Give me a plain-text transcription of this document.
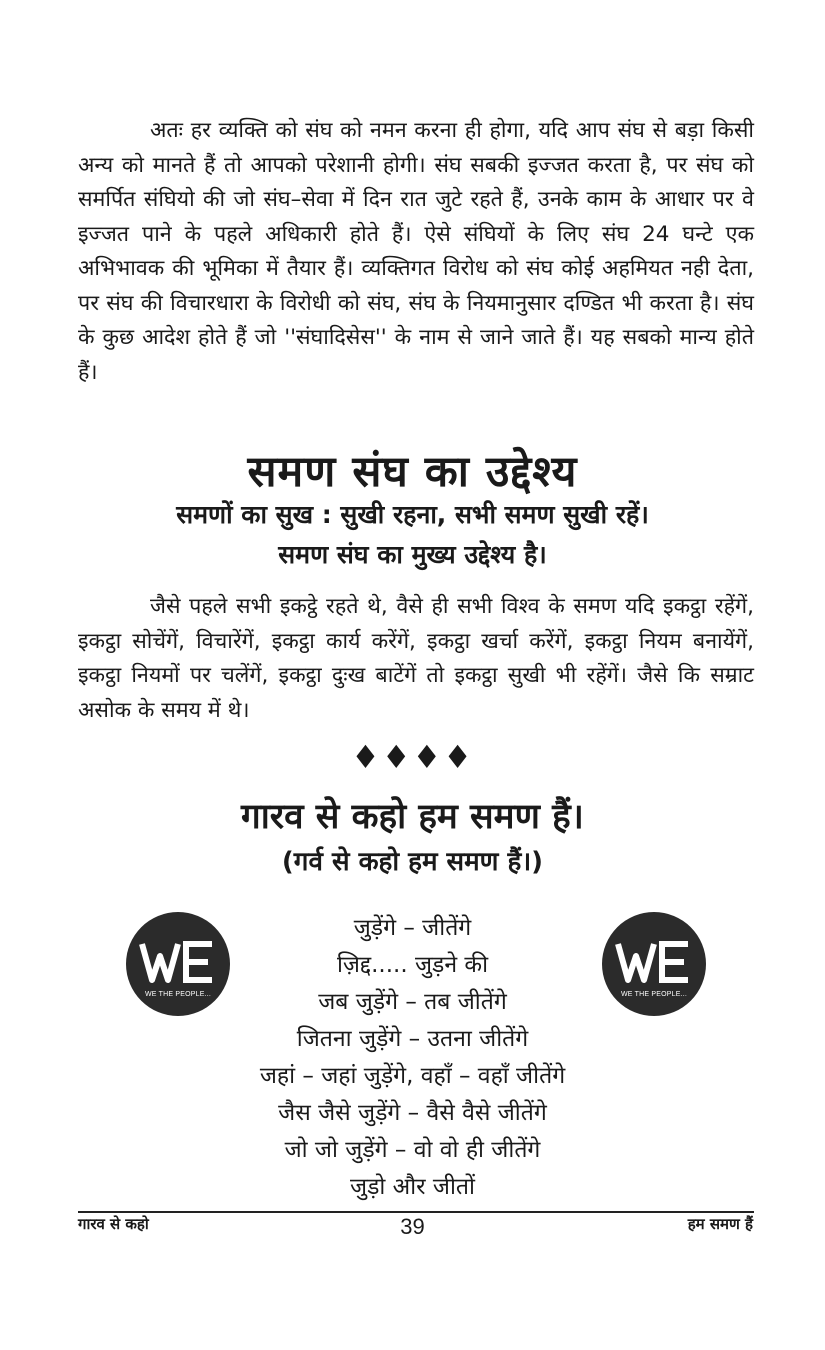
अतः हर व्यक्ति को संघ को नमन करना ही होगा, यदि आप संघ से बड़ा किसी अन्य को मानते हैं तो आपको परेशानी होगी। संघ सबकी इज्जत करता है, पर संघ को समर्पित संघियो की जो संघ–सेवा में दिन रात जुटे रहते हैं, उनके काम के आधार पर वे इज्जत पाने के पहले अधिकारी होते हैं। ऐसे संघियों के लिए संघ 24 घन्टे एक अभिभावक की भूमिका में तैयार हैं। व्यक्तिगत विरोध को संघ कोई अहमियत नही देता, पर संघ की विचारधारा के विरोधी को संघ, संघ के नियमानुसार दण्डित भी करता है। संघ के कुछ आदेश होते हैं जो ''संघादिसेस'' के नाम से जाने जाते हैं। यह सबको मान्य होते हैं।

समण संघ का उद्देश्य
समणों का सुख : सुखी रहना, सभी समण सुखी रहें।
समण संघ का मुख्य उद्देश्य है।

जैसे पहले सभी इकट्ठे रहते थे, वैसे ही सभी विश्व के समण यदि इकट्ठा रहेंगें, इकट्ठा सोचेंगें, विचारेंगें, इकट्ठा कार्य करेंगें, इकट्ठा खर्चा करेंगें, इकट्ठा नियम बनायेंगें, इकट्ठा नियमों पर चलेंगें, इकट्ठा दुःख बाटेंगें तो इकट्ठा सुखी भी रहेंगें। जैसे कि सम्राट असोक के समय में थे।

♦♦♦♦
गारव से कहो हम समण हैं।
(गर्व से कहो हम समण हैं।)
WE THE PEOPLE...	WE THE PEOPLE...
जुड़ेंगे – जीतेंगे
ज़िद्द..... जुड़ने की
जब जुड़ेंगे – तब जीतेंगे
जितना जुड़ेंगे – उतना जीतेंगे
जहां – जहां जुड़ेंगे, वहाँ – वहाँ जीतेंगे
जैस जैसे जुड़ेंगे – वैसे वैसे जीतेंगे
जो जो जुड़ेंगे – वो वो ही जीतेंगे
जुड़ो और जीतों
गारव से कहो	39	हम समण हैं
